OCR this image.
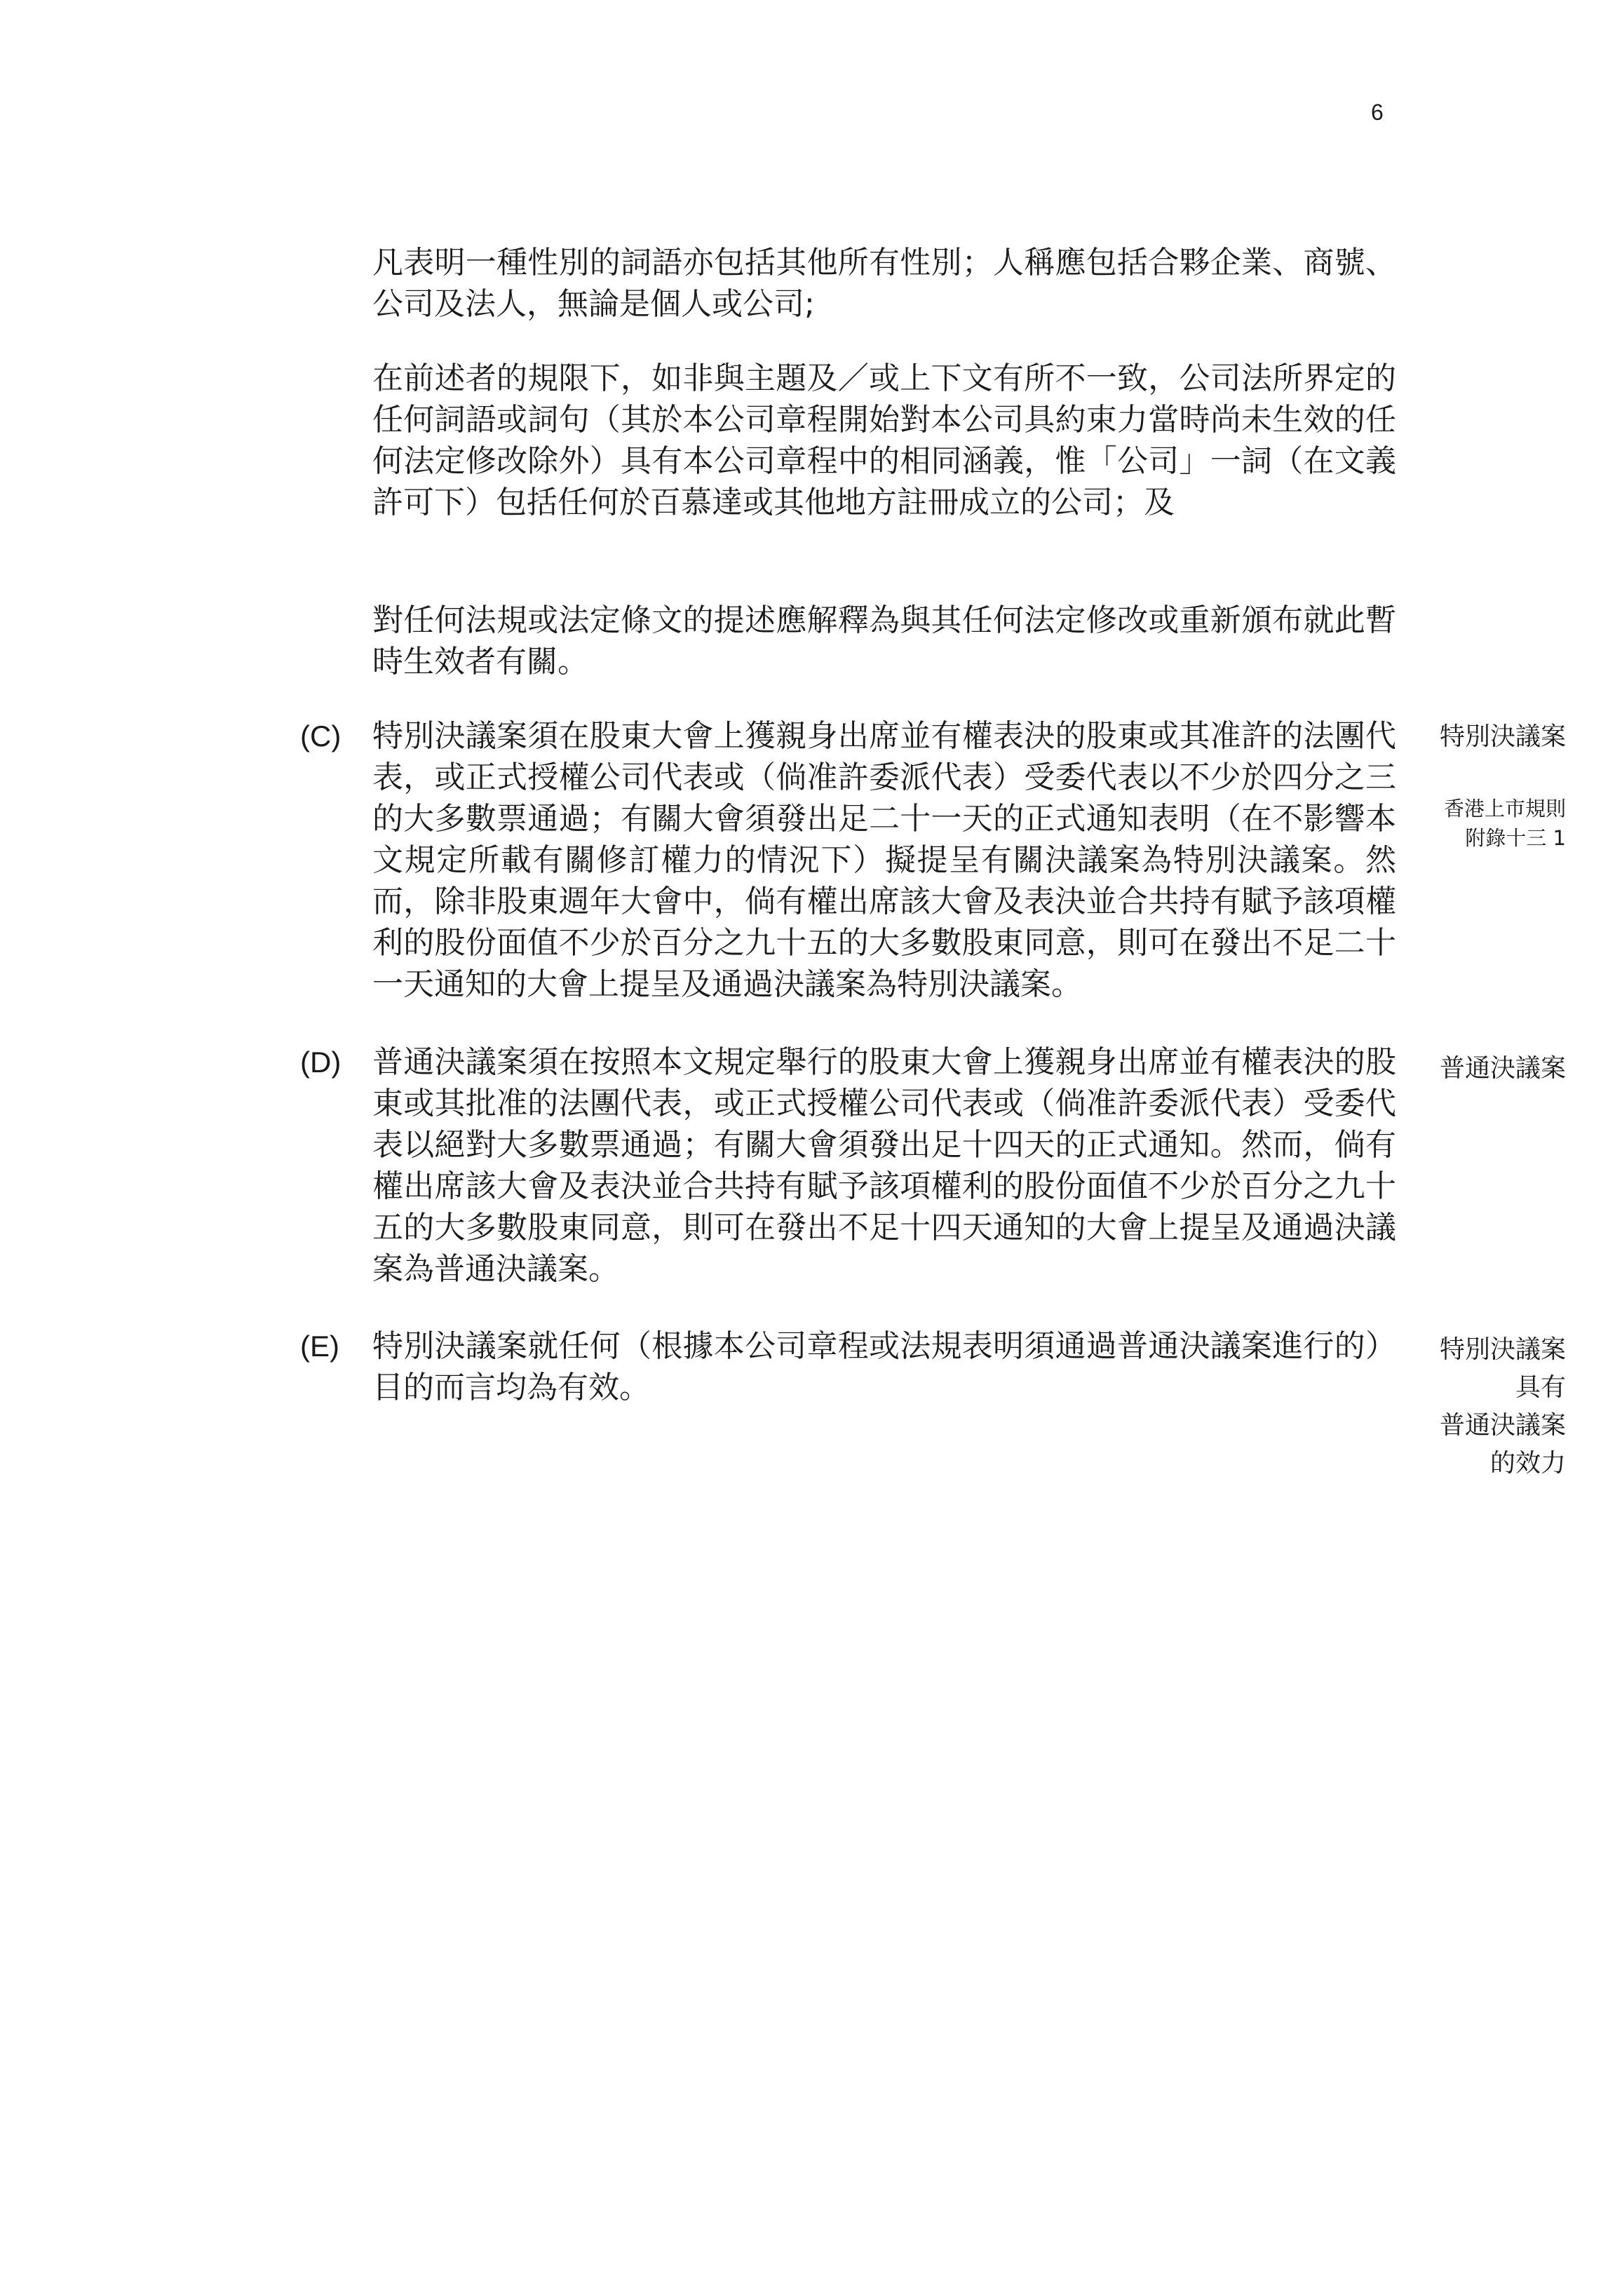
6

凡表明一種性別的詞語亦包括其他所有性別；人稱應包括合夥企業、商號、公司及法人，無論是個人或公司;

在前述者的規限下，如非與主題及／或上下文有所不一致，公司法所界定的任何詞語或詞句（其於本公司章程開始對本公司具約束力當時尚未生效的任何法定修改除外）具有本公司章程中的相同涵義，惟「公司」一詞（在文義許可下）包括任何於百慕達或其他地方註冊成立的公司；及

對任何法規或法定條文的提述應解釋為與其任何法定修改或重新頒布就此暫時生效者有關。

(C) 特別決議案須在股東大會上獲親身出席並有權表決的股東或其准許的法團代表，或正式授權公司代表或（倘准許委派代表）受委代表以不少於四分之三的大多數票通過；有關大會須發出足二十一天的正式通知表明（在不影響本文規定所載有關修訂權力的情況下）擬提呈有關決議案為特別決議案。然而，除非股東週年大會中，倘有權出席該大會及表決並合共持有賦予該項權利的股份面值不少於百分之九十五的大多數股東同意，則可在發出不足二十一天通知的大會上提呈及通過決議案為特別決議案。

特別決議案
香港上市規則
附錄十三 1
(D) 普通決議案須在按照本文規定舉行的股東大會上獲親身出席並有權表決的股東或其批准的法團代表，或正式授權公司代表或（倘准許委派代表）受委代表以絕對大多數票通過；有關大會須發出足十四天的正式通知。然而，倘有權出席該大會及表決並合共持有賦予該項權利的股份面值不少於百分之九十五的大多數股東同意，則可在發出不足十四天通知的大會上提呈及通過決議案為普通決議案。

普通決議案
(E) 特別決議案就任何（根據本公司章程或法規表明須通過普通決議案進行的）目的而言均為有效。

特別決議案
具有
普通決議案
的效力
